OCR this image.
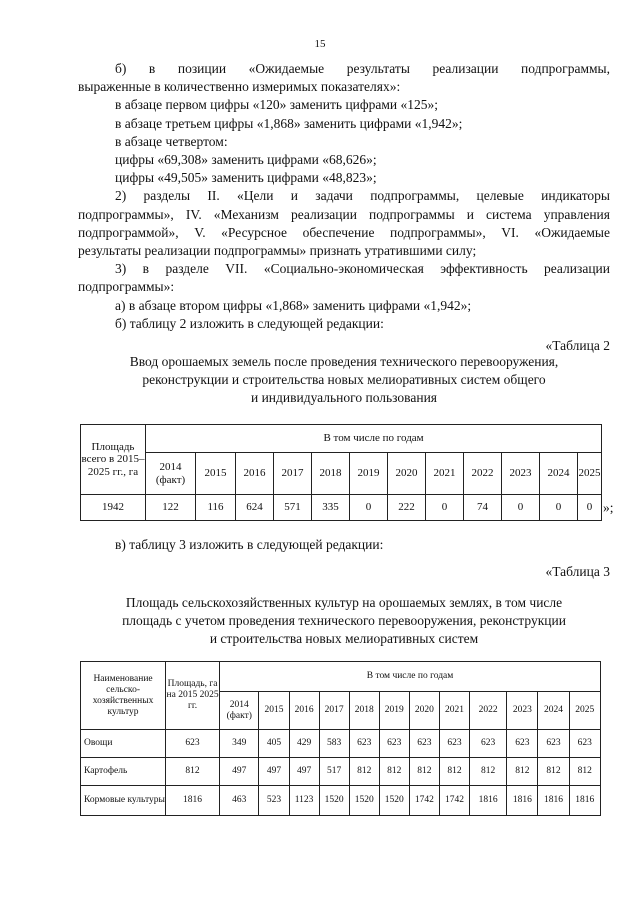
15

б) в позиции «Ожидаемые результаты реализации подпрограммы,

выраженные в количественно измеримых показателях»:

в абзаце первом цифры «120» заменить цифрами «125»;

в абзаце третьем цифры «1,868» заменить цифрами «1,942»;

в абзаце четвертом:

цифры «69,308» заменить цифрами «68,626»;

цифры «49,505» заменить цифрами «48,823»;

2) разделы II. «Цели и задачи подпрограммы, целевые индикаторы

подпрограммы», IV. «Механизм реализации подпрограммы и система управления

подпрограммой», V. «Ресурсное обеспечение подпрограммы», VI. «Ожидаемые

результаты реализации подпрограммы» признать утратившими силу;

3) в разделе VII. «Социально-экономическая эффективность реализации

подпрограммы»:

а) в абзаце втором цифры «1,868» заменить цифрами «1,942»;

б) таблицу 2 изложить в следующей редакции:

«Таблица 2

Ввод орошаемых земель после проведения технического перевооружения,

реконструкции и строительства новых мелиоративных систем общего

и индивидуального пользования

Площадь всего в 2015–2025 гг., га	В том числе по годам											
	2014 (факт)	2015	2016	2017	2018	2019	2020	2021	2022	2023	2024	2025
1942	122	116	624	571	335	0	222	0	74	0	0	0 »;

в) таблицу 3 изложить в следующей редакции:

«Таблица 3

Площадь сельскохозяйственных культур на орошаемых землях, в том числе

площадь с учетом проведения технического перевооружения, реконструкции

и строительства новых мелиоративных систем

Наименование сельско-хозяйственных культур	Площадь, га на 2015 2025 гг.	В том числе по годам											
		2014 (факт)	2015	2016	2017	2018	2019	2020	2021	2022	2023	2024	2025
Овощи	623	349	405	429	583	623	623	623	623	623	623	623	623
Картофель	812	497	497	497	517	812	812	812	812	812	812	812	812
Кормовые культуры	1816	463	523	1123	1520	1520	1520	1742	1742	1816	1816	1816	1816
